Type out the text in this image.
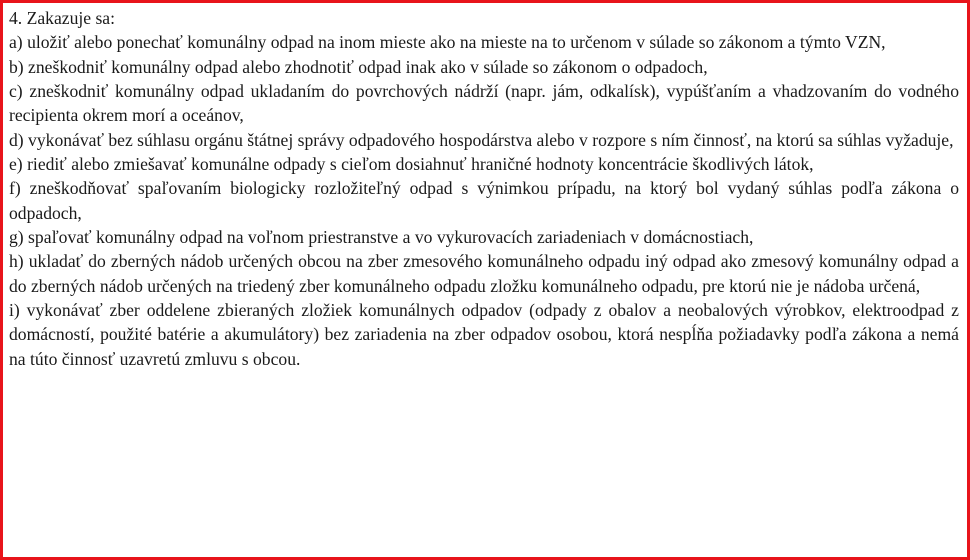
4. Zakazuje sa:

a) uložiť alebo ponechať komunálny odpad na inom mieste ako na mieste na to určenom v súlade so zákonom a týmto VZN,

b) zneškodniť komunálny odpad alebo zhodnotiť odpad inak ako v súlade so zákonom o odpadoch,

c) zneškodniť komunálny odpad ukladaním do povrchových nádrží (napr. jám, odkalísk), vypúšťaním a vhadzovaním do vodného recipienta okrem morí a oceánov,

d) vykonávať bez súhlasu orgánu štátnej správy odpadového hospodárstva alebo v rozpore s ním činnosť, na ktorú sa súhlas vyžaduje,

e) riediť alebo zmiešavať komunálne odpady s cieľom dosiahnuť hraničné hodnoty koncentrácie škodlivých látok,

f) zneškodňovať spaľovaním biologicky rozložiteľný odpad s výnimkou prípadu, na ktorý bol vydaný súhlas podľa zákona o odpadoch,

g) spaľovať komunálny odpad na voľnom priestranstve a vo vykurovacích zariadeniach v domácnostiach,

h) ukladať do zberných nádob určených obcou na zber zmesového komunálneho odpadu iný odpad ako zmesový komunálny odpad a do zberných nádob určených na triedený zber komunálneho odpadu zložku komunálneho odpadu, pre ktorú nie je nádoba určená,

i) vykonávať zber oddelene zbieraných zložiek komunálnych odpadov (odpady z obalov a neobalových výrobkov, elektroodpad z domácností, použité batérie a akumulátory) bez zariadenia na zber odpadov osobou, ktorá nespĺňa požiadavky podľa zákona a nemá na túto činnosť uzavretú zmluvu s obcou.
